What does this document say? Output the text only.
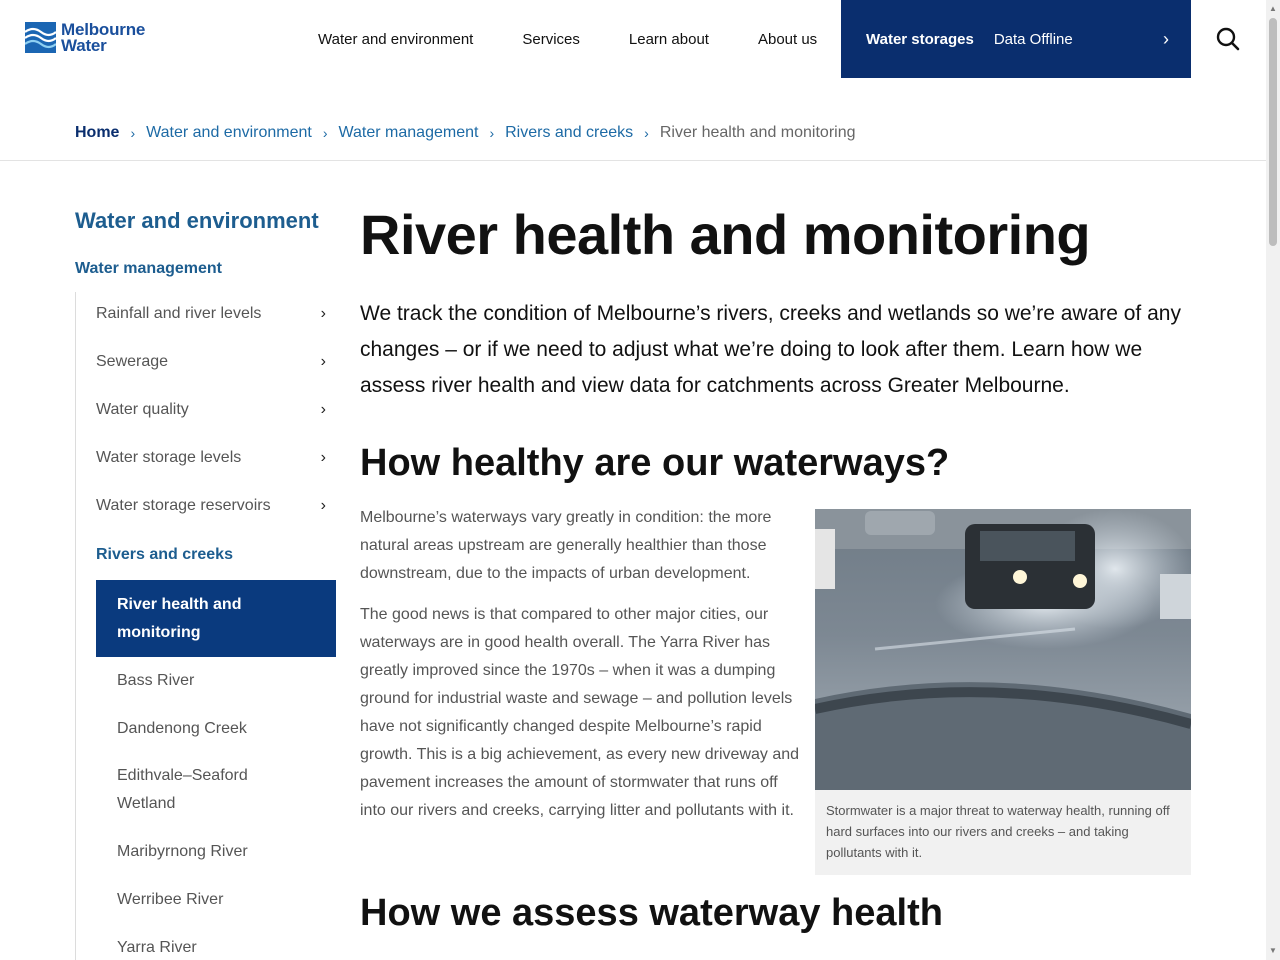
Melbourne
Water	Water and environment	Services	Learn about	About us	Water storages Data Offline	›
Home › Water and environment › Water management › Rivers and creeks › River health and monitoring
Water and environment
Water management
Rainfall and river levels	›
Sewerage	›
Water quality	›
Water storage levels	›
Water storage reservoirs	›
Rivers and creeks
River health and
monitoring
Bass River
Dandenong Creek
Edithvale–Seaford Wetland
Maribyrnong River
Werribee River
Yarra River
River health and monitoring

We track the condition of Melbourne’s rivers, creeks and wetlands so we’re aware of any changes – or if we need to adjust what we’re doing to look after them. Learn how we assess river health and view data for catchments across Greater Melbourne.

How healthy are our waterways?

Melbourne’s waterways vary greatly in condition: the more natural areas upstream are generally healthier than those downstream, due to the impacts of urban development.

The good news is that compared to other major cities, our waterways are in good health overall. The Yarra River has greatly improved since the 1970s – when it was a dumping ground for industrial waste and sewage – and pollution levels have not significantly changed despite Melbourne’s rapid growth. This is a big achievement, as every new driveway and pavement increases the amount of stormwater that runs off into our rivers and creeks, carrying litter and pollutants with it.	Stormwater is a major threat to waterway health, running off hard surfaces into our rivers and creeks – and taking pollutants with it.

How we assess waterway health
▲
▼
